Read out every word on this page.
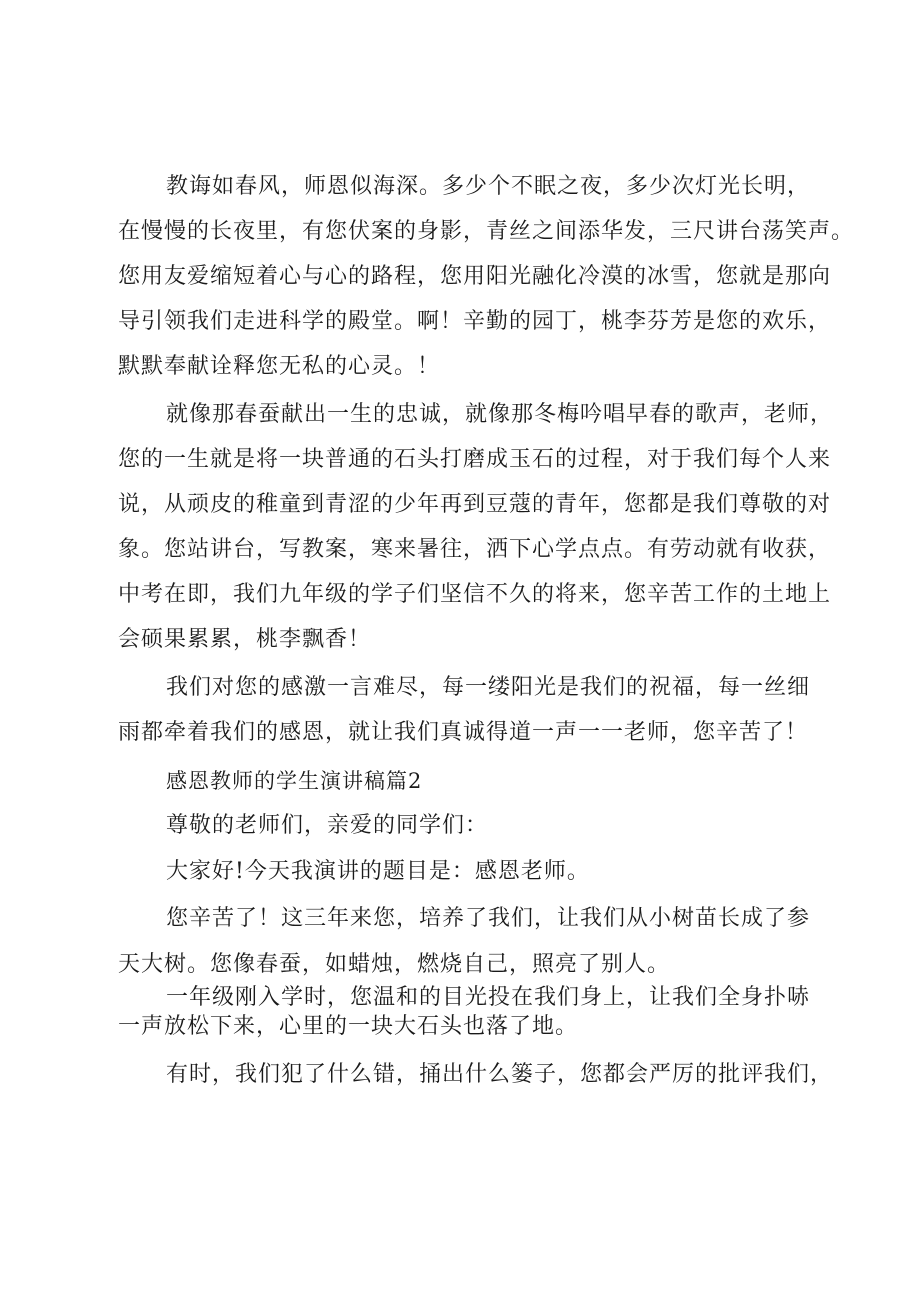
教诲如春风，师恩似海深。多少个不眠之夜，多少次灯光长明，
在慢慢的长夜里，有您伏案的身影，青丝之间添华发，三尺讲台荡笑声。
您用友爱缩短着心与心的路程，您用阳光融化冷漠的冰雪，您就是那向
导引领我们走进科学的殿堂。啊！辛勤的园丁，桃李芬芳是您的欢乐，
默默奉献诠释您无私的心灵。！
就像那春蚕献出一生的忠诚，就像那冬梅吟唱早春的歌声，老师，
您的一生就是将一块普通的石头打磨成玉石的过程，对于我们每个人来
说，从顽皮的稚童到青涩的少年再到豆蔻的青年，您都是我们尊敬的对
象。您站讲台，写教案，寒来暑往，洒下心学点点。有劳动就有收获，
中考在即，我们九年级的学子们坚信不久的将来，您辛苦工作的土地上
会硕果累累，桃李飘香！
我们对您的感激一言难尽，每一缕阳光是我们的祝福，每一丝细
雨都牵着我们的感恩，就让我们真诚得道一声一一老师，您辛苦了！
感恩教师的学生演讲稿篇2
尊敬的老师们，亲爱的同学们：
大家好!今天我演讲的题目是：感恩老师。
您辛苦了！这三年来您，培养了我们，让我们从小树苗长成了参
天大树。您像春蚕，如蜡烛，燃烧自己，照亮了别人。
一年级刚入学时，您温和的目光投在我们身上，让我们全身扑哧
一声放松下来，心里的一块大石头也落了地。
有时，我们犯了什么错，捅出什么篓子，您都会严厉的批评我们，
